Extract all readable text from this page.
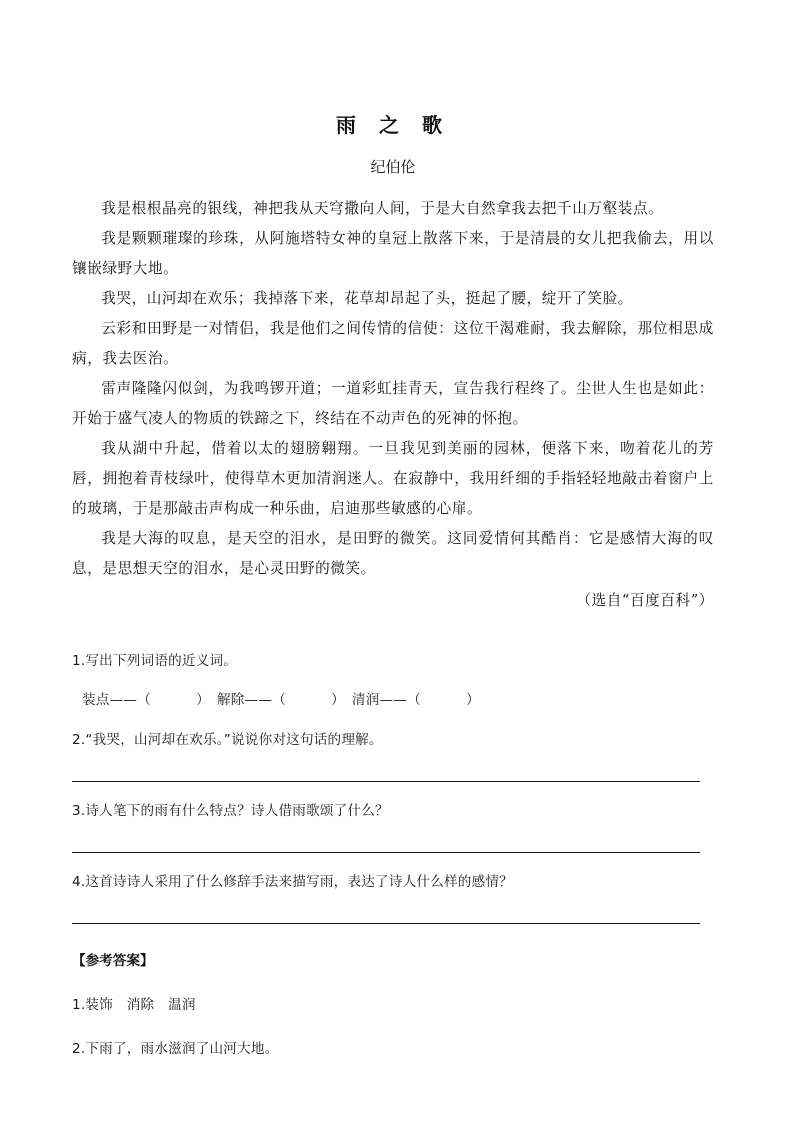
雨 之 歌

纪伯伦

我是根根晶亮的银线，神把我从天穹撒向人间，于是大自然拿我去把千山万壑装点。

我是颗颗璀璨的珍珠，从阿施塔特女神的皇冠上散落下来，于是清晨的女儿把我偷去，用以镶嵌绿野大地。

我哭，山河却在欢乐；我掉落下来，花草却昂起了头，挺起了腰，绽开了笑脸。

云彩和田野是一对情侣，我是他们之间传情的信使：这位干渴难耐，我去解除，那位相思成病，我去医治。

雷声隆隆闪似剑，为我鸣锣开道；一道彩虹挂青天，宣告我行程终了。尘世人生也是如此：开始于盛气凌人的物质的铁蹄之下，终结在不动声色的死神的怀抱。

我从湖中升起，借着以太的翅膀翱翔。一旦我见到美丽的园林，便落下来，吻着花儿的芳唇，拥抱着青枝绿叶，使得草木更加清润迷人。在寂静中，我用纤细的手指轻轻地敲击着窗户上的玻璃，于是那敲击声构成一种乐曲，启迪那些敏感的心扉。

我是大海的叹息，是天空的泪水，是田野的微笑。这同爱情何其酷肖：它是感情大海的叹息，是思想天空的泪水，是心灵田野的微笑。

（选自“百度百科”）

1.写出下列词语的近义词。

装点——（          ）　解除——（          ）　清润——（          ）

2.“我哭，山河却在欢乐。”说说你对这句话的理解。

3.诗人笔下的雨有什么特点？诗人借雨歌颂了什么？

4.这首诗诗人采用了什么修辞手法来描写雨，表达了诗人什么样的感情？

【参考答案】

1.装饰　消除　温润

2.下雨了，雨水滋润了山河大地。
